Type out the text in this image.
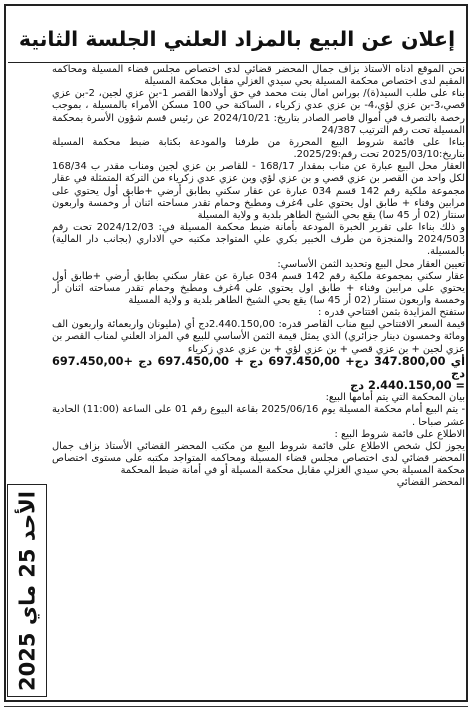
إعلان عن البيع بالمزاد العلني الجلسة الثانية

نحن الموقع أدناه الأستاذ بزاف جمال المحضر قضائي لدى اختصاص مجلس قضاء المسيلة ومحاكمه المقيم لدى اختصاص محكمة المسيلة بحي سيدي الغزلي مقابل محكمة المسيلة

بناء على طلب السيد(ة)/ بوراس امال بنت محمد في حق أولادها القصر 1-بن عزي لجين، 2-بن عزي قصي،3-بن عزي لؤي،4- بن عزي عدي زكرياء ، الساكنة حي 100 مسكن الأمراء بالمسيلة ، بموجب رخصة بالتصرف في أموال قاصر الصادر بتاريخ: 2024/10/21 عن رئيس قسم شؤون الأسرة بمحكمة المسيلة تحت رقم الترتيب 24/387

بناءا على قائمة شروط البيع المحررة من طرفنا والمودعة بكتابة ضبط محكمة المسيلة بتاريخ:2025/03/10 تحت رقم:2025/29.

العقار محل البيع عبارة عن مناب بمقدار 168/17 - للقاصر بن عزي لجين ومناب مقدر ب 168/34 لكل واحد من القصر بن عزي قصي و بن عزي لؤي وبن عزي عدي زكرياء من التركة المتمثلة في عقار مجموعة ملكية رقم 142 قسم 034 عبارة عن عقار سكني بطابق أرضي +طابق أول يحتوي على مرابين وفناء + طابق اول يحتوي على 4غرف ومطبخ وحمام تقدر مساحته اثنان أر وخمسة واربعون سنتار (02 أر 45 سا) يقع بحي الشيخ الطاهر بلدية و ولاية المسيلة

و ذلك بناءا على تقرير الخبرة المودعة بأمانة ضبط محكمة المسيلة في: 2024/12/03 تحت رقم 2024/503 والمنجزة من طرف الخبير بكري علي المتواجد مكتبه حي الاداري (بجانب دار المالية) بالمسيلة.

تعيين العقار محل البيع وتحديد الثمن الأساسي:

عقار سكني بمجموعة ملكية رقم 142 قسم 034 عبارة عن عقار سكني بطابق أرضي +طابق أول يحتوي على مرابين وفناء + طابق اول يحتوي على 4غرف ومطبخ وحمام تقدر مساحته اثنان أر وخمسة واربعون سنتار (02 أر 45 سا) يقع بحي الشيخ الطاهر بلدية و ولاية المسيلة

ستفتح المزايدة بثمن افتتاحي قدره :

قيمة السعر الافتتاحي لبيع مناب القاصر قدره: 2.440.150,00دج أي (مليونان واربعمائة واربعون الف ومائة وخمسون دينار جزائري) الذي يمثل قيمة الثمن الأساسي للبيع في المزاد العلني لمناب القصر بن عزي لجين + بن عزي قصي + بن عزي لؤي + بن عزي عدي زكرياء

أي 347.800,00 دج+ 697.450,00 دج + 697.450,00 دج +697.450,00 دج

= 2.440.150,00 دج

بيان المحكمة التي يتم أمامها البيع:

- يتم البيع أمام محكمة المسيلة يوم 2025/06/16 بقاعة البيوع رقم 01 على الساعة (11:00) الحادية عشر صباحا .

الاطلاع على قائمة شروط البيع :

يجوز لكل شخص الاطلاع على قائمة شروط البيع من مكتب المحضر القضائي الأستاذ بزاف جمال المحضر قضائي لدى اختصاص مجلس قضاء المسيلة ومحاكمه المتواجد مكتبه على مستوى اختصاص محكمة المسيلة بحي سيدي الغزلي مقابل محكمة المسيلة أو في أمانة ضبط المحكمة

المحضر القضائي

الأحد 25 ماي 2025
